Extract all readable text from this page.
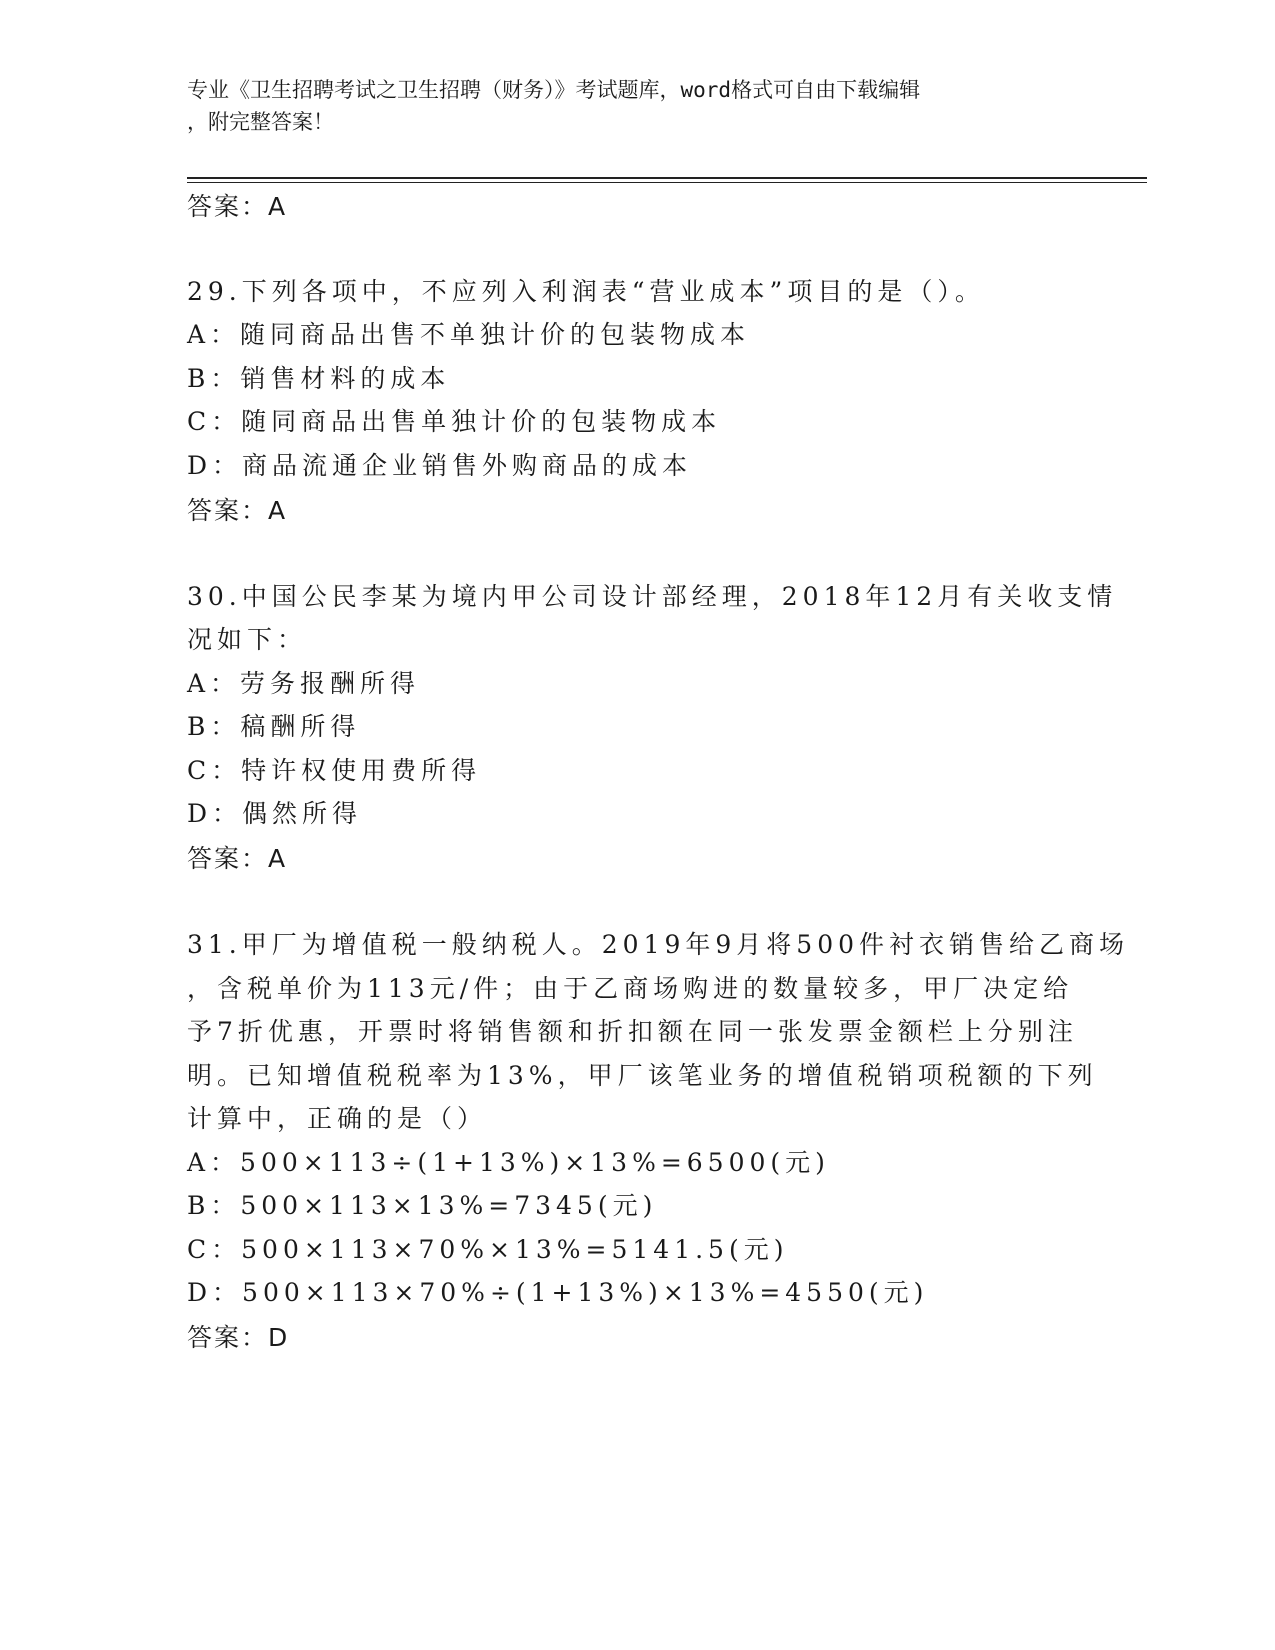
专业《卫生招聘考试之卫生招聘（财务）》考试题库，word格式可自由下载编辑
，附完整答案！
答案：A
29.下列各项中，不应列入利润表“营业成本”项目的是（）。
A：随同商品出售不单独计价的包装物成本
B：销售材料的成本
C：随同商品出售单独计价的包装物成本
D：商品流通企业销售外购商品的成本
答案：A
30.中国公民李某为境内甲公司设计部经理，2018年12月有关收支情
况如下：
A：劳务报酬所得
B：稿酬所得
C：特许权使用费所得
D：偶然所得
答案：A
31.甲厂为增值税一般纳税人。2019年9月将500件衬衣销售给乙商场
，含税单价为113元/件；由于乙商场购进的数量较多，甲厂决定给
予7折优惠，开票时将销售额和折扣额在同一张发票金额栏上分别注
明。已知增值税税率为13%，甲厂该笔业务的增值税销项税额的下列
计算中，正确的是（）
A：500×113÷(1+13%)×13%=6500(元)
B：500×113×13%=7345(元)
C：500×113×70%×13%=5141.5(元)
D：500×113×70%÷(1+13%)×13%=4550(元)
答案：D
